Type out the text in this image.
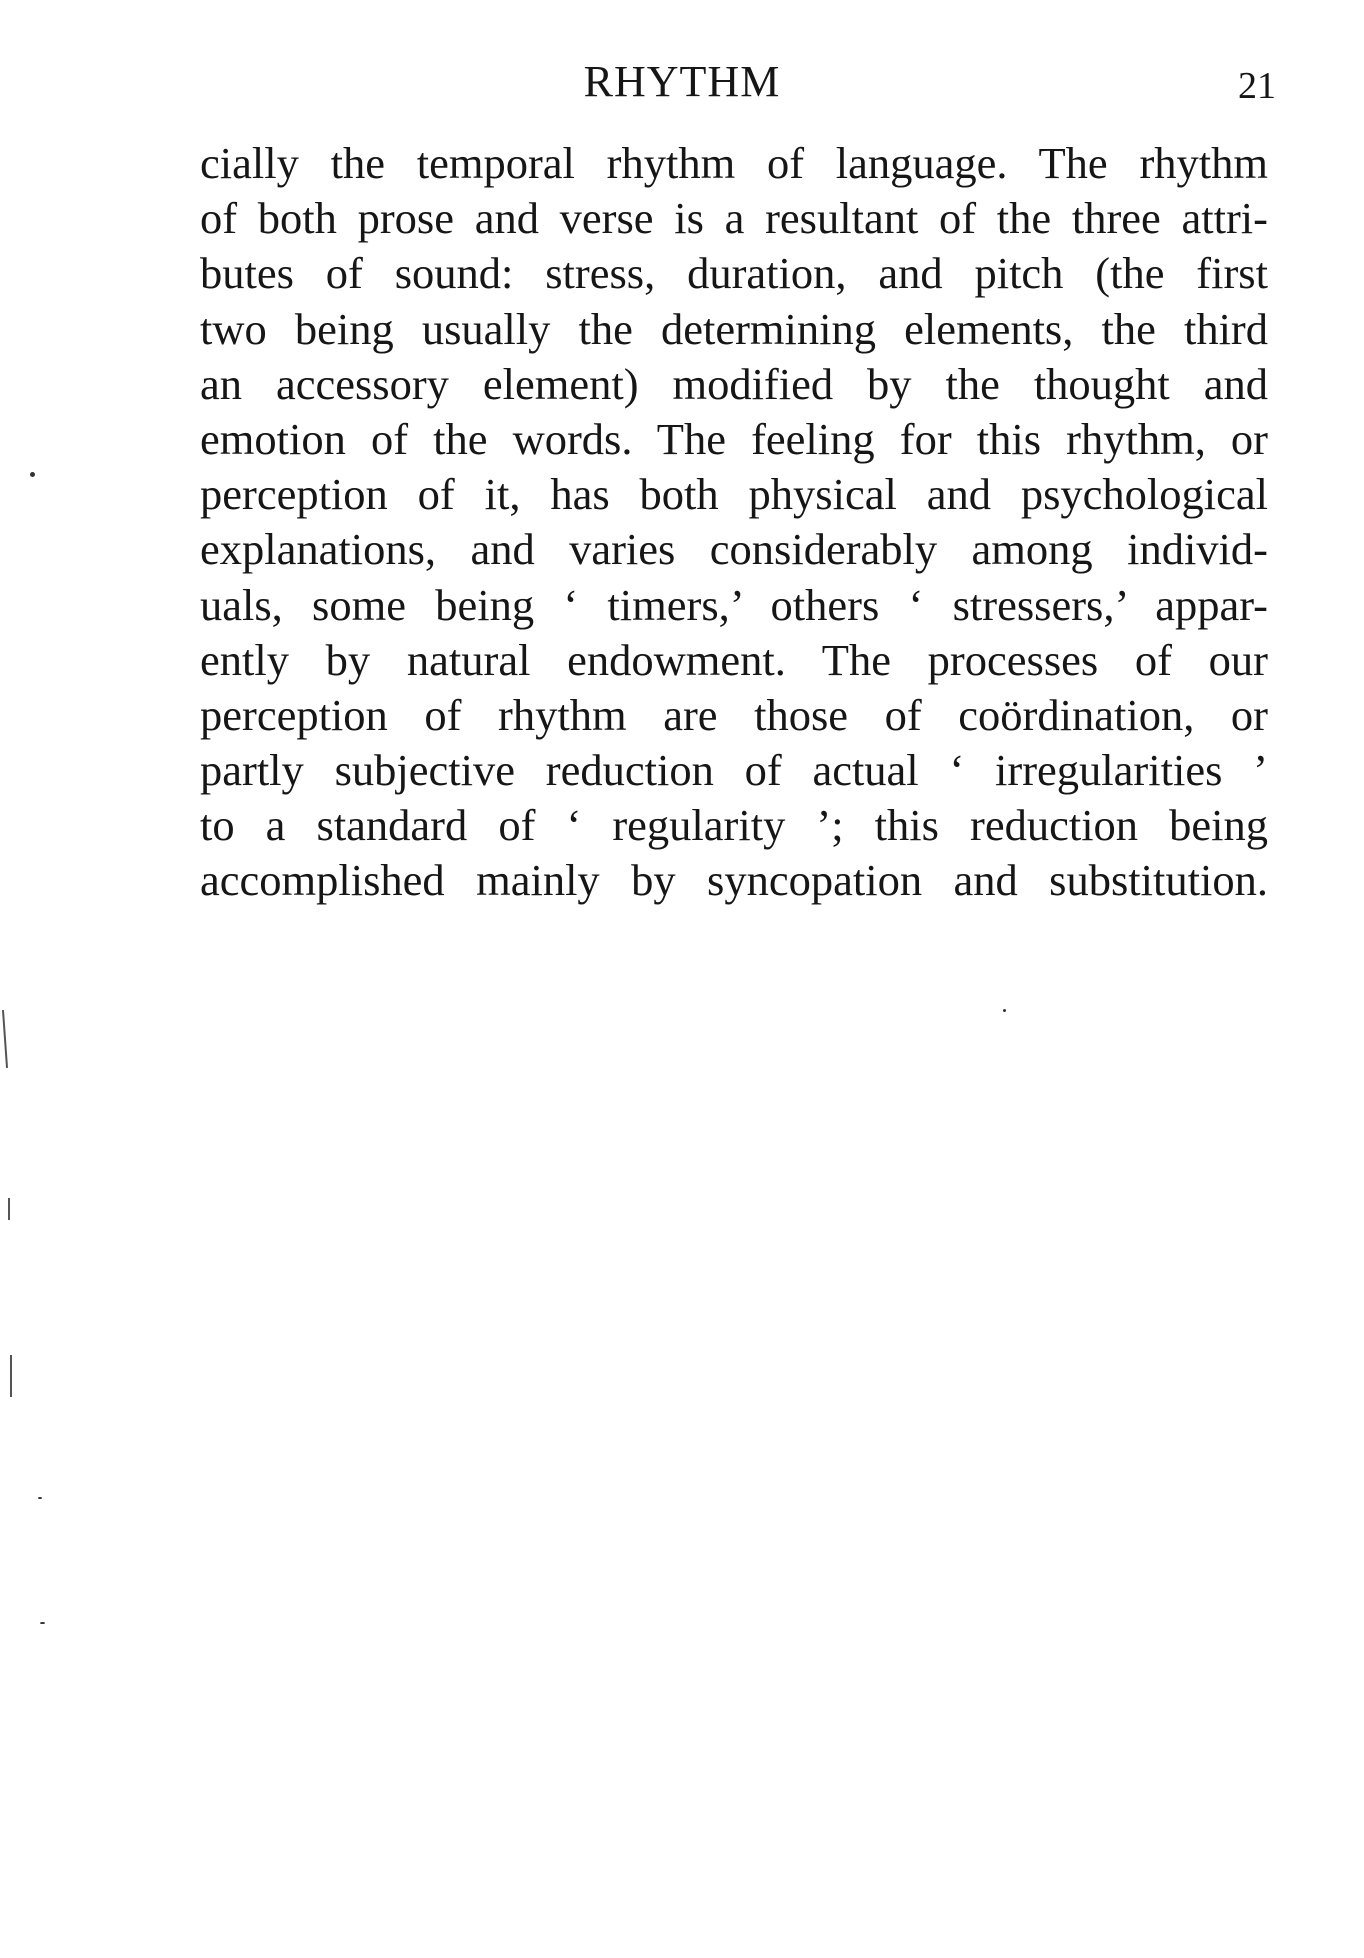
RHYTHM	21
cially the temporal rhythm of language. The rhythm
of both prose and verse is a resultant of the three attri-
butes of sound: stress, duration, and pitch (the first
two being usually the determining elements, the third
an accessory element) modified by the thought and
emotion of the words. The feeling for this rhythm, or
perception of it, has both physical and psychological
explanations, and varies considerably among individ-
uals, some being ‘ timers,’ others ‘ stressers,’ appar-
ently by natural endowment. The processes of our
perception of rhythm are those of coördination, or
partly subjective reduction of actual ‘ irregularities ’
to a standard of ‘ regularity ’; this reduction being
accomplished mainly by syncopation and substitution.
